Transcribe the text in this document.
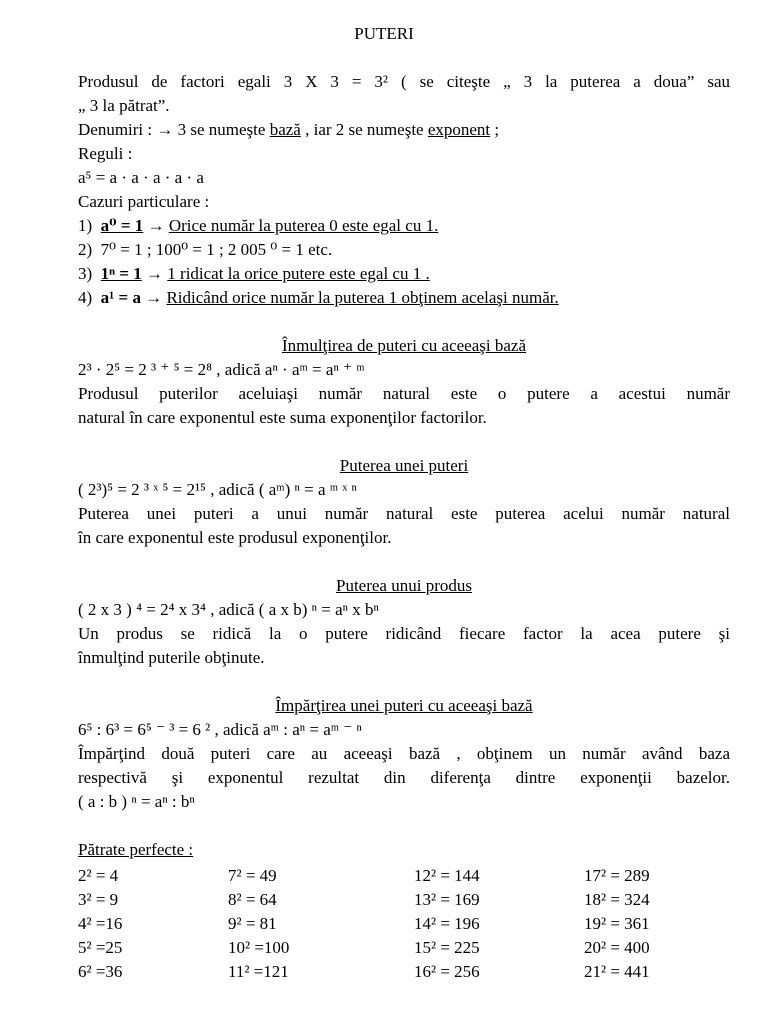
PUTERI
Produsul de factori egali 3 X 3 = 3² ( se citeşte „ 3 la puterea a doua” sau
„ 3 la pătrat”.
Denumiri : → 3 se numeşte bază , iar 2 se numeşte exponent ;
Reguli :
a⁵ = a · a · a · a · a
Cazuri particulare :
1) a⁰ = 1 → Orice număr la puterea 0 este egal cu 1.
2) 7⁰ = 1 ; 100⁰ = 1 ; 2 005 ⁰ = 1 etc.
3) 1ⁿ = 1 → 1 ridicat la orice putere este egal cu 1 .
4) a¹ = a → Ridicând orice număr la puterea 1 obţinem acelaşi număr.
Înmulţirea de puteri cu aceeaşi bază
2³ · 2⁵ = 2 ³ ⁺ ⁵ = 2⁸ , adică aⁿ · aᵐ = aⁿ ⁺ ᵐ
Produsul puterilor aceluiaşi număr natural este o putere a acestui număr
natural în care exponentul este suma exponenţilor factorilor.
Puterea unei puteri
( 2³)⁵ = 2 ³ ˣ ⁵ = 2¹⁵ , adică ( aᵐ) ⁿ = a ᵐ ˣ ⁿ
Puterea unei puteri a unui număr natural este puterea acelui număr natural
în care exponentul este produsul exponenţilor.
Puterea unui produs
( 2 x 3 ) ⁴ = 2⁴ x 3⁴ , adică ( a x b) ⁿ = aⁿ x bⁿ
Un produs se ridică la o putere ridicând fiecare factor la acea putere şi
înmulţind puterile obţinute.
Împărţirea unei puteri cu aceeaşi bază
6⁵ : 6³ = 6⁵ ⁻ ³ = 6 ² , adică aᵐ : aⁿ = aᵐ ⁻ ⁿ
Împărţind două puteri care au aceeaşi bază , obţinem un număr având baza
respectivă şi exponentul rezultat din diferenţa dintre exponenţii bazelor.
( a : b ) ⁿ = aⁿ : bⁿ
Pătrate perfecte :
2² = 4	7² = 49	12² = 144	17² = 289
3² = 9	8² = 64	13² = 169	18² = 324
4² =16	9² = 81	14² = 196	19² = 361
5² =25	10² =100	15² = 225	20² = 400
6² =36	11² =121	16² = 256	21² = 441
